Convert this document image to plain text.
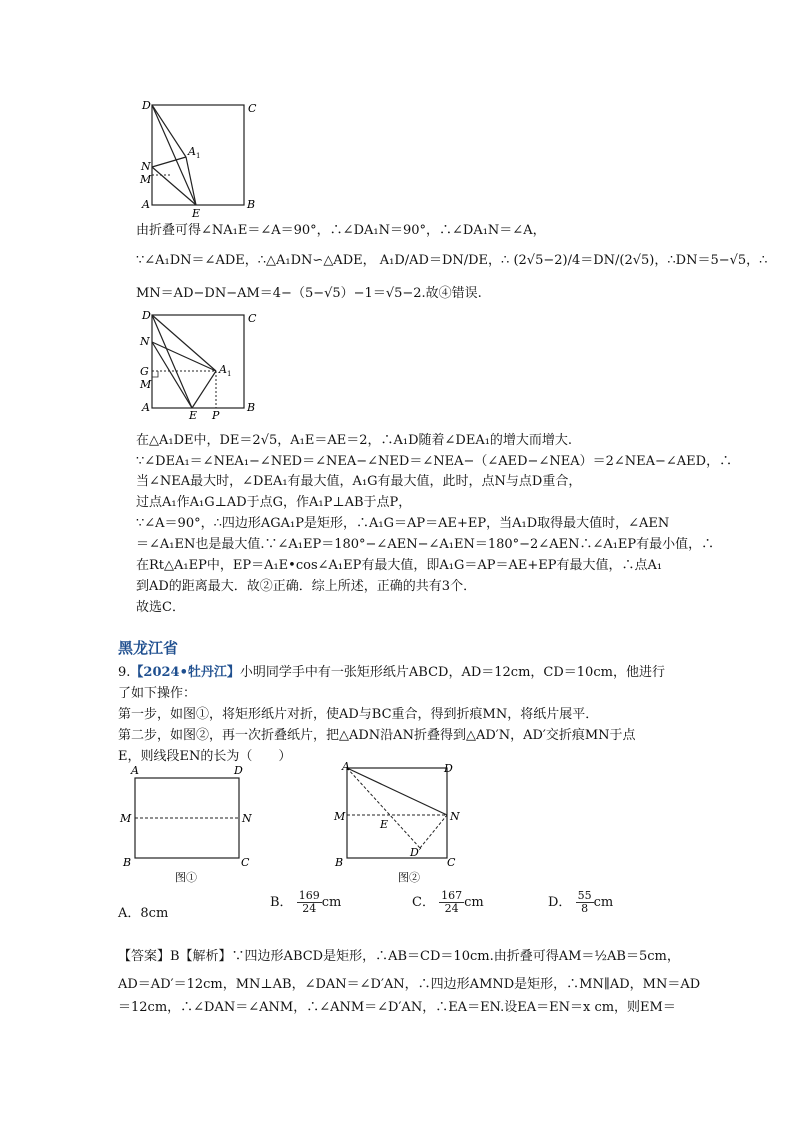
D	C
A 1
N
M
A
E
B
由折叠可得∠NA₁E＝∠A＝90°，∴∠DA₁N＝90°，∴∠DA₁N＝∠A，
∵∠A₁DN＝∠ADE，∴△A₁DN∽△ADE， A₁D/AD＝DN/DE，∴ (2√5−2)/4＝DN/(2√5)，∴DN＝5−√5，∴
MN＝AD−DN−AM＝4−（5−√5）−1＝√5−2.故④错误.
D	C
N
A 1
G
M
A
E P
B
在△A₁DE中，DE＝2√5，A₁E＝AE＝2，∴A₁D随着∠DEA₁的增大而增大.
∵∠DEA₁＝∠NEA₁−∠NED＝∠NEA−∠NED＝∠NEA−（∠AED−∠NEA）＝2∠NEA−∠AED，∴
当∠NEA最大时，∠DEA₁有最大值，A₁G有最大值，此时，点N与点D重合，
过点A₁作A₁G⊥AD于点G，作A₁P⊥AB于点P，
∵∠A＝90°，∴四边形AGA₁P是矩形，∴A₁G＝AP＝AE+EP，当A₁D取得最大值时，∠AEN
＝∠A₁EN也是最大值.∵∠A₁EP＝180°−∠AEN−∠A₁EN＝180°−2∠AEN∴∠A₁EP有最小值，∴
在Rt△A₁EP中，EP＝A₁E•cos∠A₁EP有最大值，即A₁G＝AP＝AE+EP有最大值，∴点A₁
到AD的距离最大．故②正确．综上所述，正确的共有3个．
故选C．
黑龙江省
9.【2024•牡丹江】小明同学手中有一张矩形纸片ABCD，AD＝12cm，CD＝10cm，他进行
了如下操作：
第一步，如图①，将矩形纸片对折，使AD与BC重合，得到折痕MN，将纸片展平．
第二步，如图②，再一次折叠纸片，把△ADN沿AN折叠得到△AD′N，AD′交折痕MN于点
E，则线段EN的长为（　　）
A	D
M	N
B	C
图①
A	D
M
E
N
D′
B	C
图②
A．8cm
B． $\frac{169}{24}$ cm	C． $\frac{167}{24}$ cm	D． $\frac{55}{8}$ cm
【答案】B【解析】∵四边形ABCD是矩形，∴AB＝CD＝10cm.由折叠可得AM＝½AB＝5cm，
AD＝AD′＝12cm，MN⊥AB，∠DAN＝∠D′AN，∴四边形AMND是矩形，∴MN∥AD，MN＝AD
＝12cm，∴∠DAN＝∠ANM，∴∠ANM＝∠D′AN，∴EA＝EN.设EA＝EN＝x cm，则EM＝
